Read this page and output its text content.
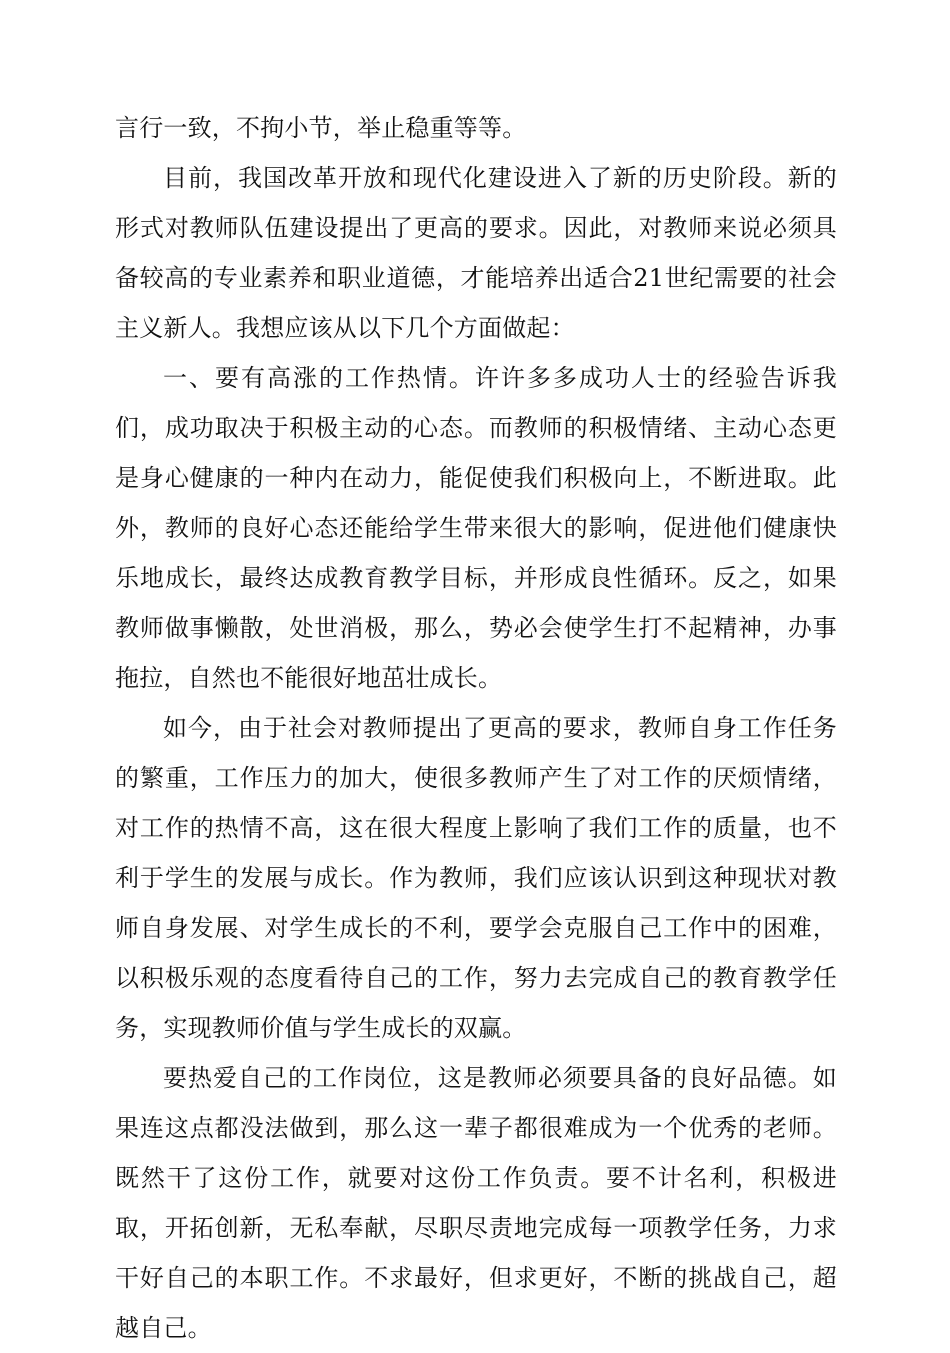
言行一致，不拘小节，举止稳重等等。

目前，我国改革开放和现代化建设进入了新的历史阶段。新的形式对教师队伍建设提出了更高的要求。因此，对教师来说必须具备较高的专业素养和职业道德，才能培养出适合21世纪需要的社会主义新人。我想应该从以下几个方面做起：

一、要有高涨的工作热情。许许多多成功人士的经验告诉我们，成功取决于积极主动的心态。而教师的积极情绪、主动心态更是身心健康的一种内在动力，能促使我们积极向上，不断进取。此外，教师的良好心态还能给学生带来很大的影响，促进他们健康快乐地成长，最终达成教育教学目标，并形成良性循环。反之，如果教师做事懒散，处世消极，那么，势必会使学生打不起精神，办事拖拉，自然也不能很好地茁壮成长。

如今，由于社会对教师提出了更高的要求，教师自身工作任务的繁重，工作压力的加大，使很多教师产生了对工作的厌烦情绪，对工作的热情不高，这在很大程度上影响了我们工作的质量，也不利于学生的发展与成长。作为教师，我们应该认识到这种现状对教师自身发展、对学生成长的不利，要学会克服自己工作中的困难，以积极乐观的态度看待自己的工作，努力去完成自己的教育教学任务，实现教师价值与学生成长的双赢。

要热爱自己的工作岗位，这是教师必须要具备的良好品德。如果连这点都没法做到，那么这一辈子都很难成为一个优秀的老师。既然干了这份工作，就要对这份工作负责。要不计名利，积极进取，开拓创新，无私奉献，尽职尽责地完成每一项教学任务，力求干好自己的本职工作。不求最好，但求更好，不断的挑战自己，超越自己。
